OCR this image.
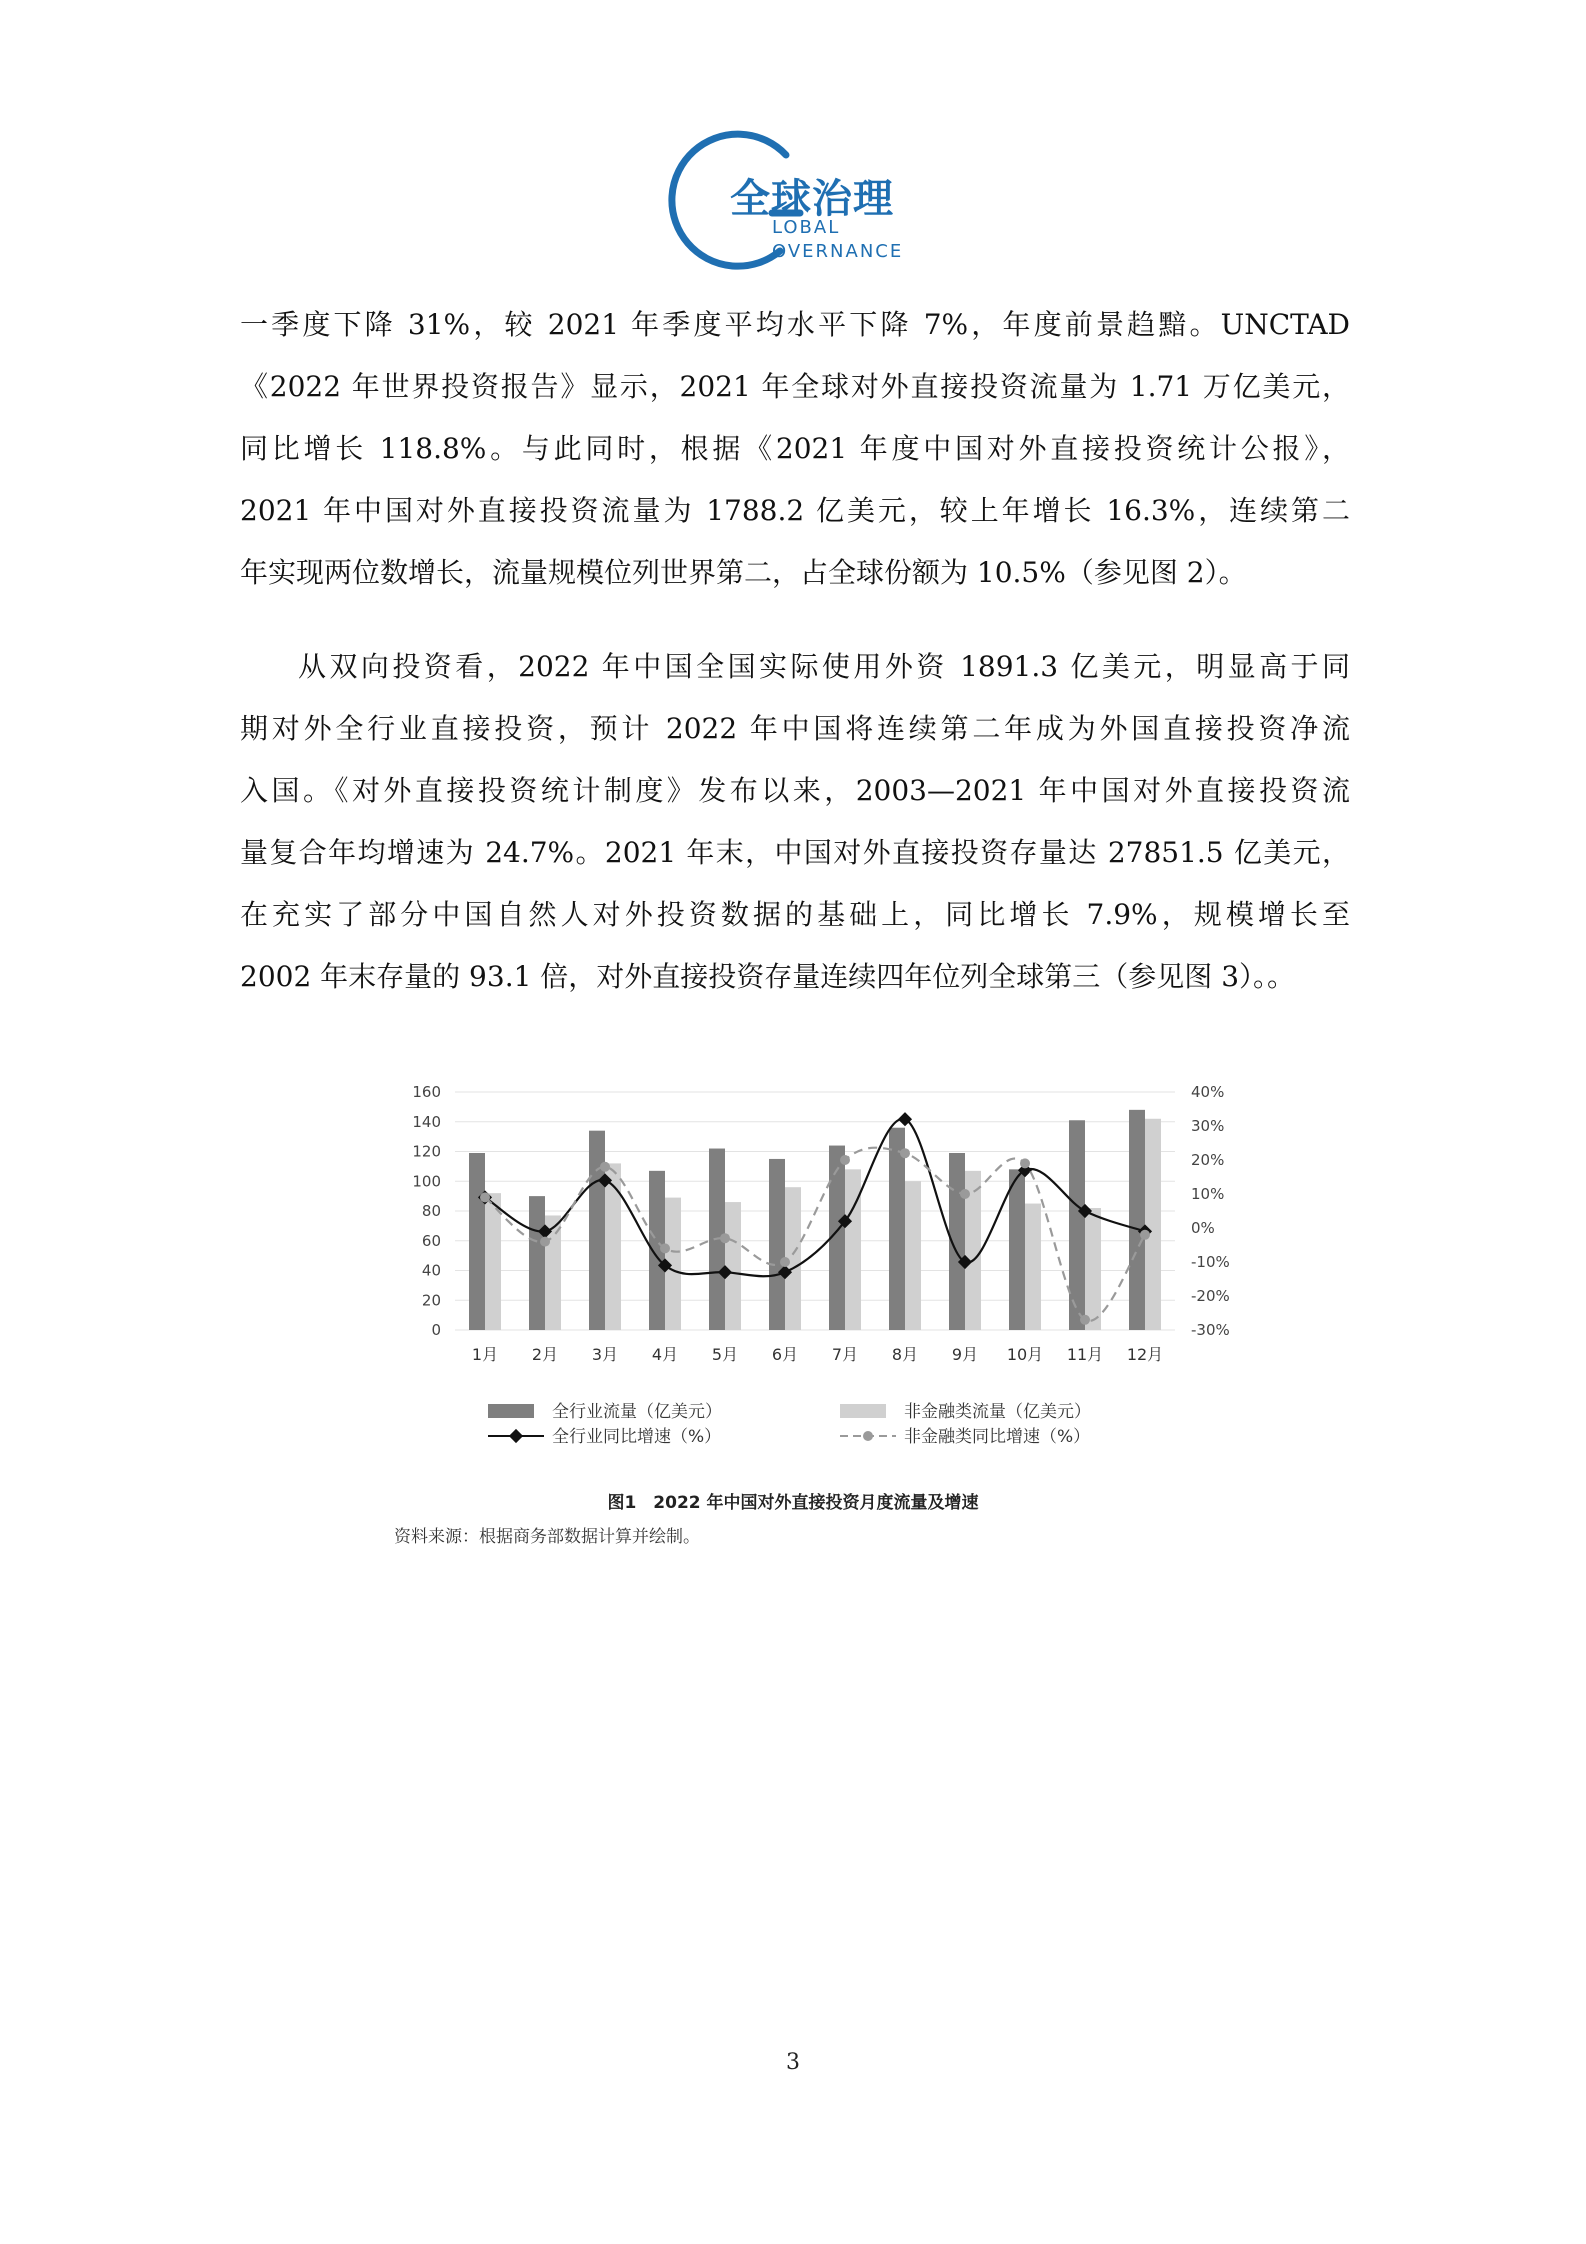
全球治理
LOBAL
OVERNANCE
一季度下降 31%，较 2021 年季度平均水平下降 7%，年度前景趋黯。UNCTAD
《2022 年世界投资报告》显示，2021 年全球对外直接投资流量为 1.71 万亿美元，
同比增长 118.8%。与此同时，根据《2021 年度中国对外直接投资统计公报》，
2021 年中国对外直接投资流量为 1788.2 亿美元，较上年增长 16.3%，连续第二
年实现两位数增长，流量规模位列世界第二，占全球份额为 10.5%（参见图 2）。
从双向投资看，2022 年中国全国实际使用外资 1891.3 亿美元，明显高于同
期对外全行业直接投资，预计 2022 年中国将连续第二年成为外国直接投资净流
入国。《对外直接投资统计制度》发布以来，2003—2021 年中国对外直接投资流
量复合年均增速为 24.7%。2021 年末，中国对外直接投资存量达 27851.5 亿美元，
在充实了部分中国自然人对外投资数据的基础上，同比增长 7.9%，规模增长至
2002 年末存量的 93.1 倍，对外直接投资存量连续四年位列全球第三（参见图 3）。。
0
20
40
60
80
100
120
140
160
-30%
-20%
-10%
0%
10%
20%
30%
40%
1月 2月 3月 4月 5月 6月 7月 8月 9月 10月 11月 12月
全行业流量（亿美元）	非金融类流量（亿美元）
全行业同比增速（%）	非金融类同比增速（%）
图1　2022 年中国对外直接投资月度流量及增速
资料来源：根据商务部数据计算并绘制。
3
